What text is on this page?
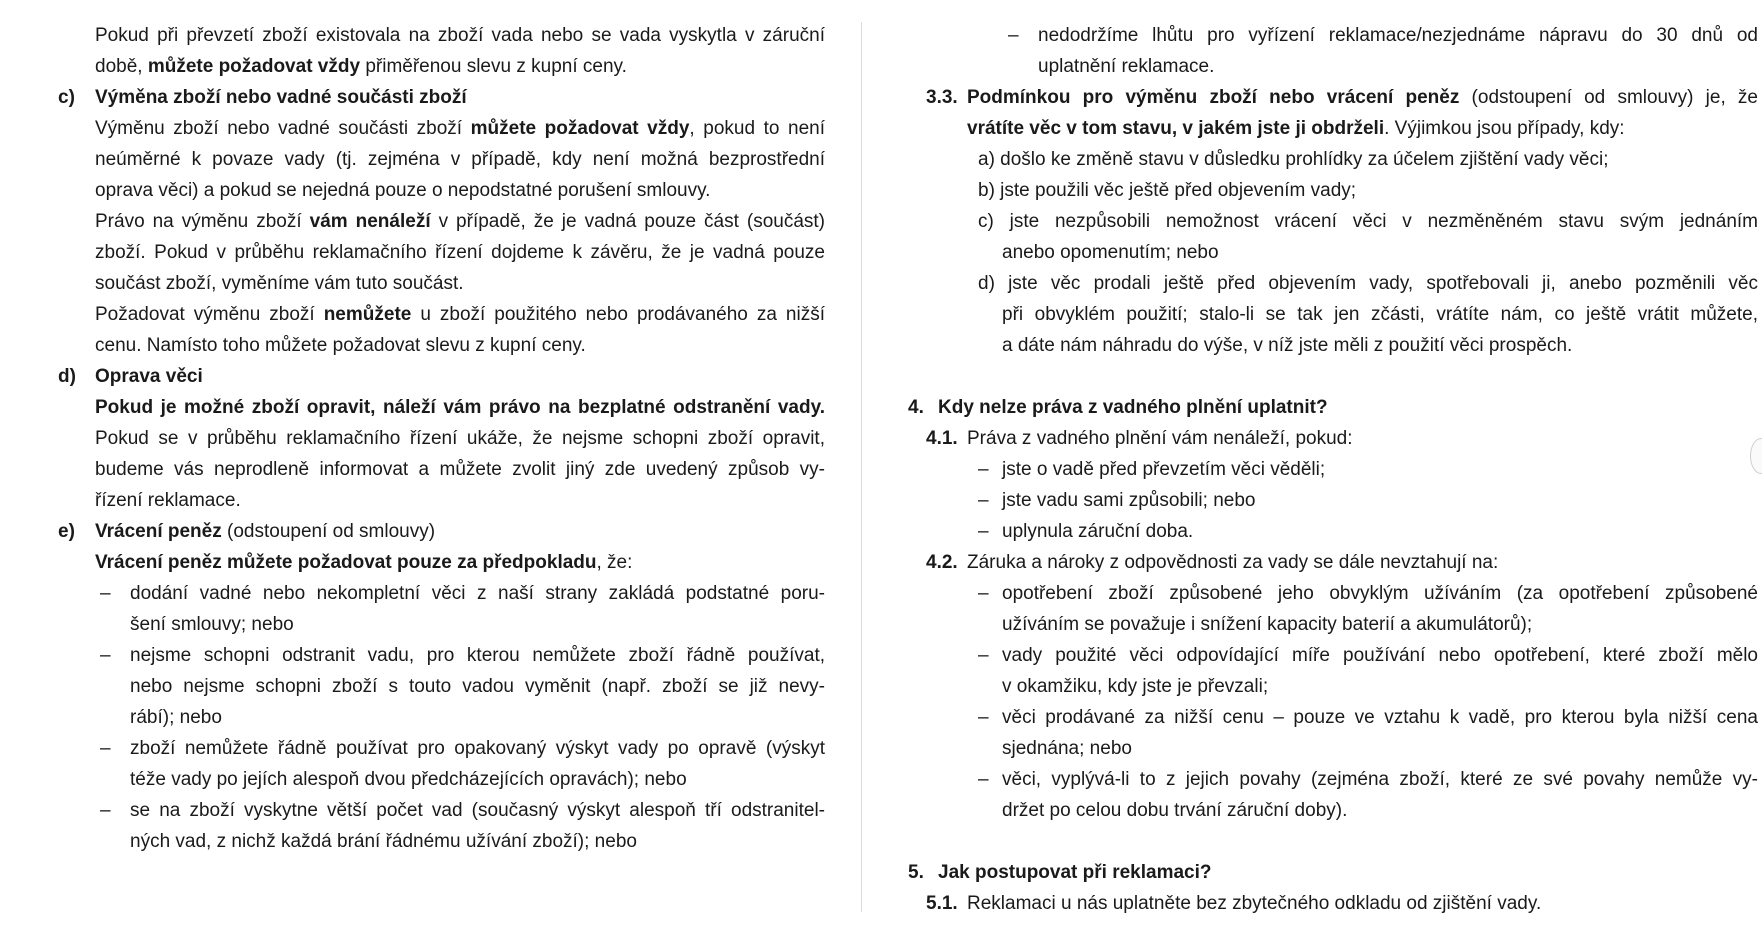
Pokud při převzetí zboží existovala na zboží vada nebo se vada vyskytla v záruční
době, můžete požadovat vždy přiměřenou slevu z kupní ceny.
c) Výměna zboží nebo vadné součásti zboží
Výměnu zboží nebo vadné součásti zboží můžete požadovat vždy, pokud to není
neúměrné k povaze vady (tj. zejména v případě, kdy není možná bezprostřední
oprava věci) a pokud se nejedná pouze o nepodstatné porušení smlouvy.
Právo na výměnu zboží vám nenáleží v případě, že je vadná pouze část (součást)
zboží. Pokud v průběhu reklamačního řízení dojdeme k závěru, že je vadná pouze
součást zboží, vyměníme vám tuto součást.
Požadovat výměnu zboží nemůžete u zboží použitého nebo prodávaného za nižší
cenu. Namísto toho můžete požadovat slevu z kupní ceny.
d) Oprava věci
Pokud je možné zboží opravit, náleží vám právo na bezplatné odstranění vady.
Pokud se v průběhu reklamačního řízení ukáže, že nejsme schopni zboží opravit,
budeme vás neprodleně informovat a můžete zvolit jiný zde uvedený způsob vy-
řízení reklamace.
e) Vrácení peněz (odstoupení od smlouvy)
Vrácení peněz můžete požadovat pouze za předpokladu, že:
– dodání vadné nebo nekompletní věci z naší strany zakládá podstatné poru-
šení smlouvy; nebo
– nejsme schopni odstranit vadu, pro kterou nemůžete zboží řádně používat,
nebo nejsme schopni zboží s touto vadou vyměnit (např. zboží se již nevy-
rábí); nebo
– zboží nemůžete řádně používat pro opakovaný výskyt vady po opravě (výskyt
téže vady po jejích alespoň dvou předcházejících opravách); nebo
– se na zboží vyskytne větší počet vad (současný výskyt alespoň tří odstranitel-
ných vad, z nichž každá brání řádnému užívání zboží); nebo
– nedodržíme lhůtu pro vyřízení reklamace/nezjednáme nápravu do 30 dnů od
uplatnění reklamace.
3.3. Podmínkou pro výměnu zboží nebo vrácení peněz (odstoupení od smlouvy) je, že
vrátíte věc v tom stavu, v jakém jste ji obdrželi. Výjimkou jsou případy, kdy:
a) došlo ke změně stavu v důsledku prohlídky za účelem zjištění vady věci;
b) jste použili věc ještě před objevením vady;
c) jste nezpůsobili nemožnost vrácení věci v nezměněném stavu svým jednáním
anebo opomenutím; nebo
d) jste věc prodali ještě před objevením vady, spotřebovali ji, anebo pozměnili věc
při obvyklém použití; stalo-li se tak jen zčásti, vrátíte nám, co ještě vrátit můžete,
a dáte nám náhradu do výše, v níž jste měli z použití věci prospěch.
4. Kdy nelze práva z vadného plnění uplatnit?
4.1. Práva z vadného plnění vám nenáleží, pokud:
– jste o vadě před převzetím věci věděli;
– jste vadu sami způsobili; nebo
– uplynula záruční doba.
4.2. Záruka a nároky z odpovědnosti za vady se dále nevztahují na:
– opotřebení zboží způsobené jeho obvyklým užíváním (za opotřebení způsobené
užíváním se považuje i snížení kapacity baterií a akumulátorů);
– vady použité věci odpovídající míře používání nebo opotřebení, které zboží mělo
v okamžiku, kdy jste je převzali;
– věci prodávané za nižší cenu – pouze ve vztahu k vadě, pro kterou byla nižší cena
sjednána; nebo
– věci, vyplývá-li to z jejich povahy (zejména zboží, které ze své povahy nemůže vy-
držet po celou dobu trvání záruční doby).
5. Jak postupovat při reklamaci?
5.1. Reklamaci u nás uplatněte bez zbytečného odkladu od zjištění vady.
